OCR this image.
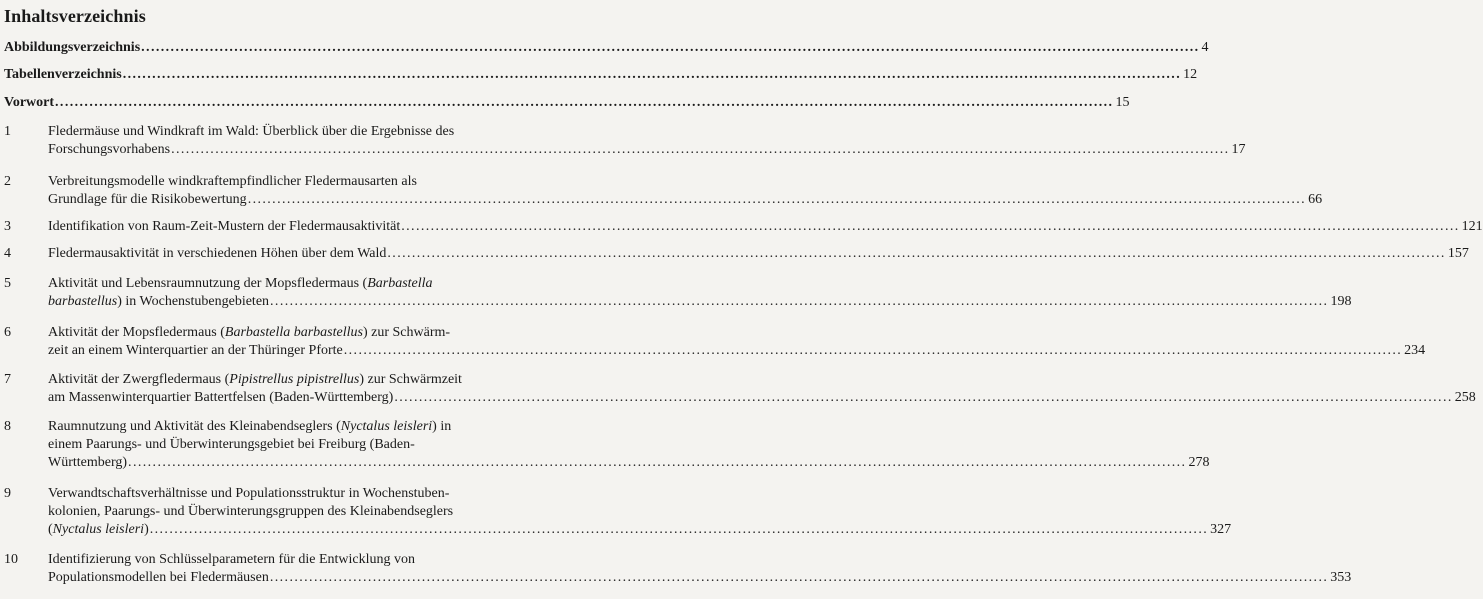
Inhaltsverzeichnis
Abbildungsverzeichnis ........................................................................................................................................................................................................................ 4
Tabellenverzeichnis ........................................................................................................................................................................................................................ 12
Vorwort ........................................................................................................................................................................................................................ 15
1	Fledermäuse und Windkraft im Wald: Überblick über die Ergebnisse des
Forschungsvorhabens ........................................................................................................................................................................................................................ 17
2	Verbreitungsmodelle windkraftempfindlicher Fledermausarten als
Grundlage für die Risikobewertung ........................................................................................................................................................................................................................ 66
3	Identifikation von Raum-Zeit-Mustern der Fledermausaktivität ........................................................................................................................................................................................................................ 121
4	Fledermausaktivität in verschiedenen Höhen über dem Wald ........................................................................................................................................................................................................................ 157
5	Aktivität und Lebensraumnutzung der Mopsfledermaus (Barbastella
barbastellus) in Wochenstubengebieten ........................................................................................................................................................................................................................ 198
6	Aktivität der Mopsfledermaus (Barbastella barbastellus) zur Schwärm-
zeit an einem Winterquartier an der Thüringer Pforte ........................................................................................................................................................................................................................ 234
7	Aktivität der Zwergfledermaus (Pipistrellus pipistrellus) zur Schwärmzeit
am Massenwinterquartier Battertfelsen (Baden-Württemberg) ........................................................................................................................................................................................................................ 258
8	Raumnutzung und Aktivität des Kleinabendseglers (Nyctalus leisleri) in
einem Paarungs- und Überwinterungsgebiet bei Freiburg (Baden-
Württemberg) ........................................................................................................................................................................................................................ 278
9	Verwandtschaftsverhältnisse und Populationsstruktur in Wochenstuben-
kolonien, Paarungs- und Überwinterungsgruppen des Kleinabendseglers
(Nyctalus leisleri) ........................................................................................................................................................................................................................ 327
10	Identifizierung von Schlüsselparametern für die Entwicklung von
Populationsmodellen bei Fledermäusen ........................................................................................................................................................................................................................ 353
